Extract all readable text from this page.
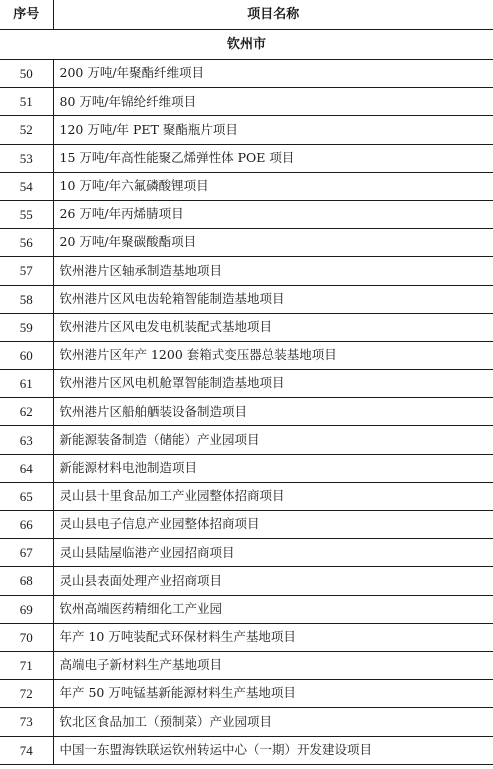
序号	项目名称
钦州市	
50	200 万吨/年聚酯纤维项目
51	80 万吨/年锦纶纤维项目
52	120 万吨/年 PET 聚酯瓶片项目
53	15 万吨/年高性能聚乙烯弹性体 POE 项目
54	10 万吨/年六氟磷酸锂项目
55	26 万吨/年丙烯腈项目
56	20 万吨/年聚碳酸酯项目
57	钦州港片区轴承制造基地项目
58	钦州港片区风电齿轮箱智能制造基地项目
59	钦州港片区风电发电机装配式基地项目
60	钦州港片区年产 1200 套箱式变压器总装基地项目
61	钦州港片区风电机舱罩智能制造基地项目
62	钦州港片区船舶舾装设备制造项目
63	新能源装备制造（储能）产业园项目
64	新能源材料电池制造项目
65	灵山县十里食品加工产业园整体招商项目
66	灵山县电子信息产业园整体招商项目
67	灵山县陆屋临港产业园招商项目
68	灵山县表面处理产业招商项目
69	钦州高端医药精细化工产业园
70	年产 10 万吨装配式环保材料生产基地项目
71	高端电子新材料生产基地项目
72	年产 50 万吨锰基新能源材料生产基地项目
73	钦北区食品加工（预制菜）产业园项目
74	中国一东盟海铁联运钦州转运中心（一期）开发建设项目
